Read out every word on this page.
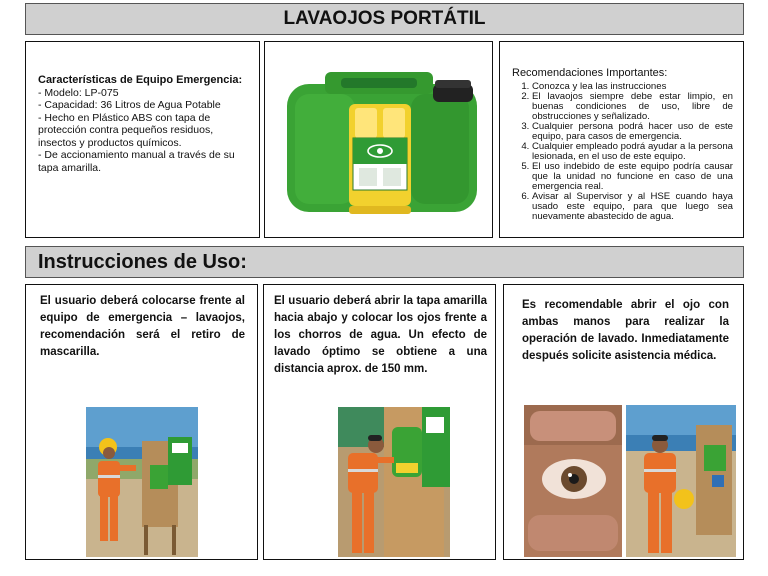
LAVAOJOS PORTÁTIL
Características de Equipo Emergencia:
- Modelo: LP-075
- Capacidad: 36 Litros de Agua Potable
- Hecho en Plástico ABS con tapa de protección contra pequeños residuos, insectos y productos químicos.
- De accionamiento manual a través de su tapa amarilla.
Recomendaciones Importantes:
1. Conozca y lea las instrucciones
2. El lavaojos siempre debe estar limpio, en buenas condiciones de uso, libre de obstrucciones y señalizado.
3. Cualquier persona podrá hacer uso de este equipo, para casos de emergencia.
4. Cualquier empleado podrá ayudar a la persona lesionada, en el uso de este equipo.
5. El uso indebido de este equipo podría causar que la unidad no funcione en caso de una emergencia real.
6. Avisar al Supervisor y al HSE cuando haya usado este equipo, para que luego sea nuevamente abastecido de agua.
Instrucciones de Uso:
El usuario deberá colocarse frente al equipo de emergencia – lavaojos, recomendación será el retiro de mascarilla.
El usuario deberá abrir la tapa amarilla hacia abajo y colocar los ojos frente a los chorros de agua. Un efecto de lavado óptimo se obtiene a una distancia aprox. de 150 mm.
Es recomendable abrir el ojo con ambas manos para realizar la operación de lavado. Inmediatamente después solicite asistencia médica.
